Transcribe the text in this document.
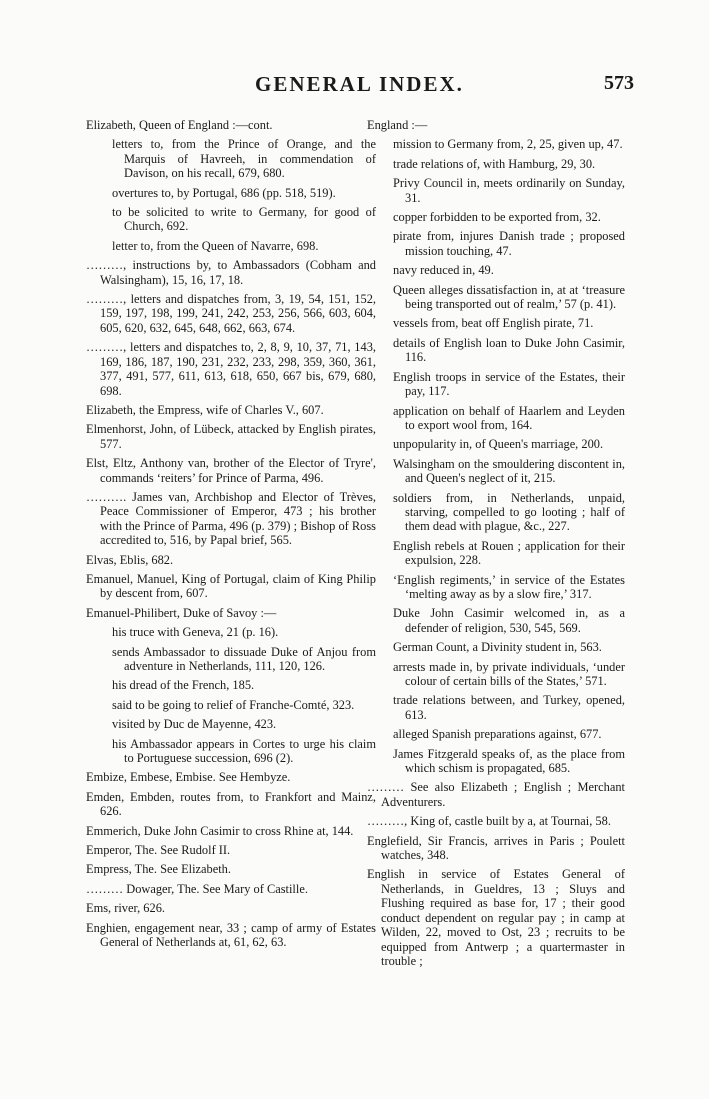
GENERAL INDEX.	573
Elizabeth, Queen of England :—cont.
letters to, from the Prince of Orange, and the Marquis of Havreeh, in commendation of Davison, on his recall, 679, 680.
overtures to, by Portugal, 686 (pp. 518, 519).
to be solicited to write to Germany, for good of Church, 692.
letter to, from the Queen of Navarre, 698.
………, instructions by, to Ambassadors (Cobham and Walsingham), 15, 16, 17, 18.
………, letters and dispatches from, 3, 19, 54, 151, 152, 159, 197, 198, 199, 241, 242, 253, 256, 566, 603, 604, 605, 620, 632, 645, 648, 662, 663, 674.
………, letters and dispatches to, 2, 8, 9, 10, 37, 71, 143, 169, 186, 187, 190, 231, 232, 233, 298, 359, 360, 361, 377, 491, 577, 611, 613, 618, 650, 667 bis, 679, 680, 698.
Elizabeth, the Empress, wife of Charles V., 607.
Elmenhorst, John, of Lübeck, attacked by English pirates, 577.
Elst, Eltz, Anthony van, brother of the Elector of Tryre', commands ‘reiters’ for Prince of Parma, 496.
………. James van, Archbishop and Elector of Trèves, Peace Commissioner of Emperor, 473 ; his brother with the Prince of Parma, 496 (p. 379) ; Bishop of Ross accredited to, 516, by Papal brief, 565.
Elvas, Eblis, 682.
Emanuel, Manuel, King of Portugal, claim of King Philip by descent from, 607.
Emanuel-Philibert, Duke of Savoy :—
his truce with Geneva, 21 (p. 16).
sends Ambassador to dissuade Duke of Anjou from adventure in Netherlands, 111, 120, 126.
his dread of the French, 185.
said to be going to relief of Franche-Comté, 323.
visited by Duc de Mayenne, 423.
his Ambassador appears in Cortes to urge his claim to Portuguese succession, 696 (2).
Embize, Embese, Embise. See Hembyze.
Emden, Embden, routes from, to Frankfort and Mainz, 626.
Emmerich, Duke John Casimir to cross Rhine at, 144.
Emperor, The. See Rudolf II.
Empress, The. See Elizabeth.
……… Dowager, The. See Mary of Castille.
Ems, river, 626.
Enghien, engagement near, 33 ; camp of army of Estates General of Netherlands at, 61, 62, 63.
England :—
mission to Germany from, 2, 25, given up, 47.
trade relations of, with Hamburg, 29, 30.
Privy Council in, meets ordinarily on Sunday, 31.
copper forbidden to be exported from, 32.
pirate from, injures Danish trade ; proposed mission touching, 47.
navy reduced in, 49.
Queen alleges dissatisfaction in, at at ‘treasure being transported out of realm,’ 57 (p. 41).
vessels from, beat off English pirate, 71.
details of English loan to Duke John Casimir, 116.
English troops in service of the Estates, their pay, 117.
application on behalf of Haarlem and Leyden to export wool from, 164.
unpopularity in, of Queen's marriage, 200.
Walsingham on the smouldering discontent in, and Queen's neglect of it, 215.
soldiers from, in Netherlands, unpaid, starving, compelled to go looting ; half of them dead with plague, &c., 227.
English rebels at Rouen ; application for their expulsion, 228.
‘English regiments,’ in service of the Estates ‘melting away as by a slow fire,’ 317.
Duke John Casimir welcomed in, as a defender of religion, 530, 545, 569.
German Count, a Divinity student in, 563.
arrests made in, by private individuals, ‘under colour of certain bills of the States,’ 571.
trade relations between, and Turkey, opened, 613.
alleged Spanish preparations against, 677.
James Fitzgerald speaks of, as the place from which schism is propagated, 685.
……… See also Elizabeth ; English ; Merchant Adventurers.
………, King of, castle built by a, at Tournai, 58.
Englefield, Sir Francis, arrives in Paris ; Poulett watches, 348.
English in service of Estates General of Netherlands, in Gueldres, 13 ; Sluys and Flushing required as base for, 17 ; their good conduct dependent on regular pay ; in camp at Wilden, 22, moved to Ost, 23 ; recruits to be equipped from Antwerp ; a quartermaster in trouble ;
